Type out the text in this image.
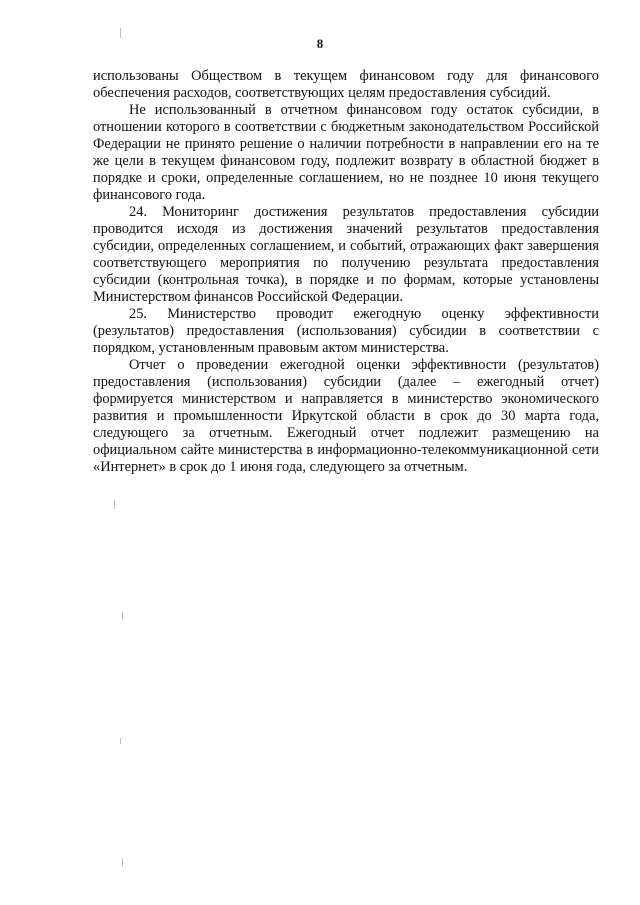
8

использованы Обществом в текущем финансовом году для финансового обеспечения расходов, соответствующих целям предоставления субсидий.

Не использованный в отчетном финансовом году остаток субсидии, в отношении которого в соответствии с бюджетным законодательством Российской Федерации не принято решение о наличии потребности в направлении его на те же цели в текущем финансовом году, подлежит возврату в областной бюджет в порядке и сроки, определенные соглашением, но не позднее 10 июня текущего финансового года.

24. Мониторинг достижения результатов предоставления субсидии проводится исходя из достижения значений результатов предоставления субсидии, определенных соглашением, и событий, отражающих факт завершения соответствующего мероприятия по получению результата предоставления субсидии (контрольная точка), в порядке и по формам, которые установлены Министерством финансов Российской Федерации.

25. Министерство проводит ежегодную оценку эффективности (результатов) предоставления (использования) субсидии в соответствии с порядком, установленным правовым актом министерства.

Отчет о проведении ежегодной оценки эффективности (результатов) предоставления (использования) субсидии (далее – ежегодный отчет) формируется министерством и направляется в министерство экономического развития и промышленности Иркутской области в срок до 30 марта года, следующего за отчетным. Ежегодный отчет подлежит размещению на официальном сайте министерства в информационно-телекоммуникационной сети «Интернет» в срок до 1 июня года, следующего за отчетным.
